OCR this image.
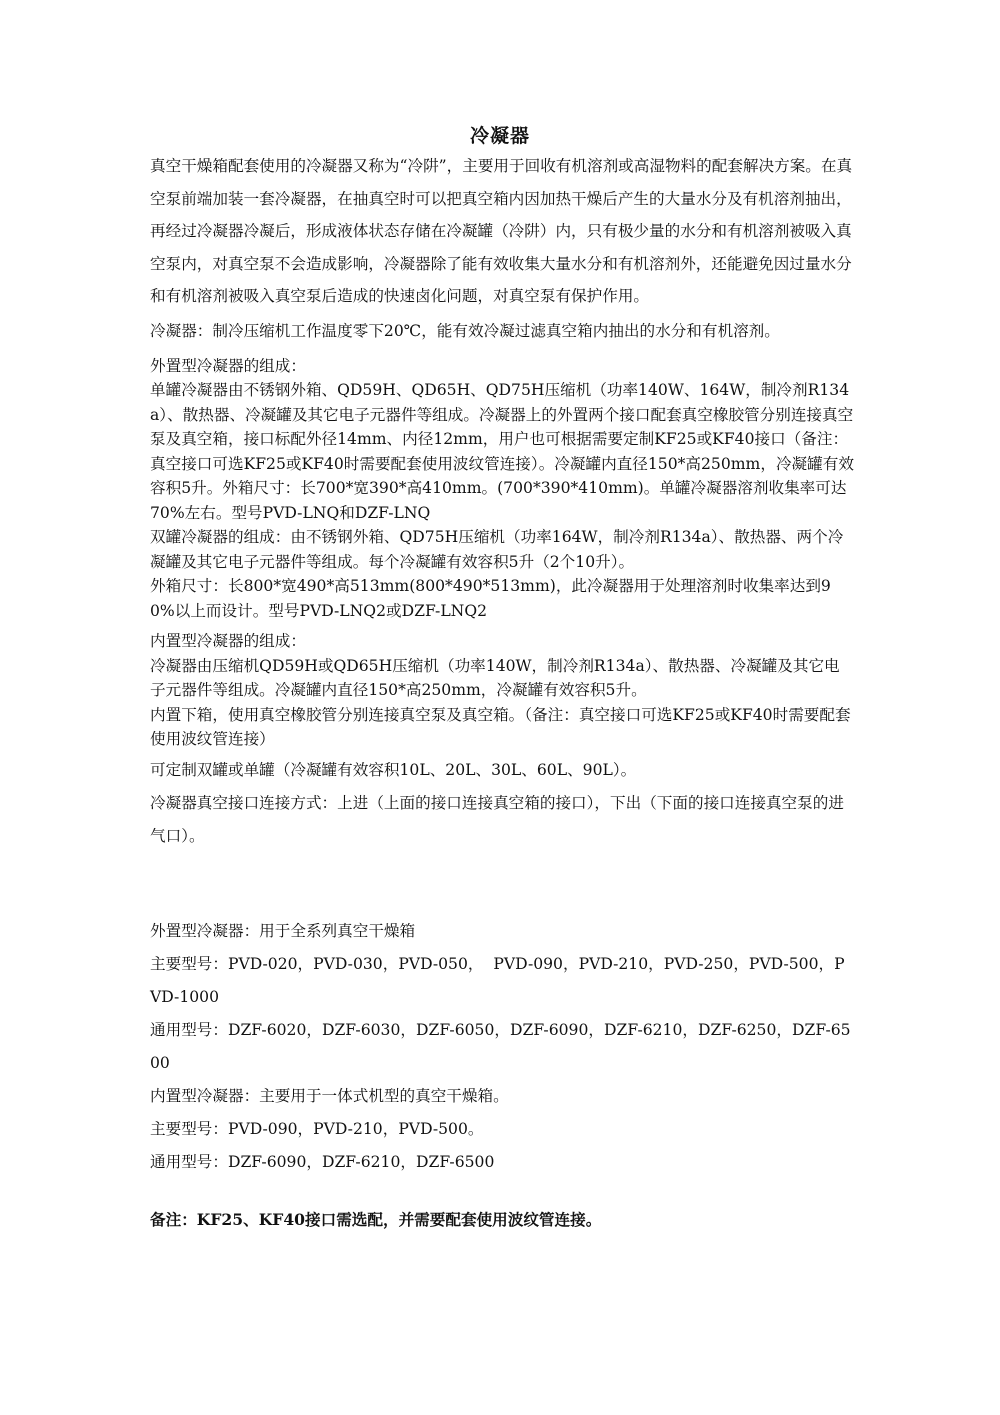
冷凝器

真空干燥箱配套使用的冷凝器又称为“冷阱”，主要用于回收有机溶剂或高湿物料的配套解决方案。在真空泵前端加装一套冷凝器，在抽真空时可以把真空箱内因加热干燥后产生的大量水分及有机溶剂抽出，再经过冷凝器冷凝后，形成液体状态存储在冷凝罐（冷阱）内，只有极少量的水分和有机溶剂被吸入真空泵内，对真空泵不会造成影响，冷凝器除了能有效收集大量水分和有机溶剂外，还能避免因过量水分和有机溶剂被吸入真空泵后造成的快速卤化问题，对真空泵有保护作用。

冷凝器：制冷压缩机工作温度零下20℃，能有效冷凝过滤真空箱内抽出的水分和有机溶剂。

外置型冷凝器的组成：

单罐冷凝器由不锈钢外箱、QD59H、QD65H、QD75H压缩机（功率140W、164W，制冷剂R134a）、散热器、冷凝罐及其它电子元器件等组成。冷凝器上的外置两个接口配套真空橡胶管分别连接真空泵及真空箱，接口标配外径14mm、内径12mm，用户也可根据需要定制KF25或KF40接口（备注：真空接口可选KF25或KF40时需要配套使用波纹管连接）。冷凝罐内直径150*高250mm，冷凝罐有效容积5升。外箱尺寸：长700*宽390*高410mm。(700*390*410mm)。单罐冷凝器溶剂收集率可达70%左右。型号PVD-LNQ和DZF-LNQ

双罐冷凝器的组成：由不锈钢外箱、QD75H压缩机（功率164W，制冷剂R134a）、散热器、两个冷凝罐及其它电子元器件等组成。每个冷凝罐有效容积5升（2个10升）。

外箱尺寸：长800*宽490*高513mm(800*490*513mm)，此冷凝器用于处理溶剂时收集率达到90%以上而设计。型号PVD-LNQ2或DZF-LNQ2

内置型冷凝器的组成：

冷凝器由压缩机QD59H或QD65H压缩机（功率140W，制冷剂R134a）、散热器、冷凝罐及其它电子元器件等组成。冷凝罐内直径150*高250mm，冷凝罐有效容积5升。

内置下箱，使用真空橡胶管分别连接真空泵及真空箱。（备注：真空接口可选KF25或KF40时需要配套使用波纹管连接）

可定制双罐或单罐（冷凝罐有效容积10L、20L、30L、60L、90L）。

冷凝器真空接口连接方式：上进（上面的接口连接真空箱的接口），下出（下面的接口连接真空泵的进气口）。

外置型冷凝器：用于全系列真空干燥箱

主要型号：PVD-020，PVD-030，PVD-050，  PVD-090，PVD-210，PVD-250，PVD-500，PVD-1000

通用型号：DZF-6020，DZF-6030，DZF-6050，DZF-6090，DZF-6210，DZF-6250，DZF-6500

内置型冷凝器：主要用于一体式机型的真空干燥箱。

主要型号：PVD-090，PVD-210，PVD-500。

通用型号：DZF-6090，DZF-6210，DZF-6500

备注：KF25、KF40接口需选配，并需要配套使用波纹管连接。
